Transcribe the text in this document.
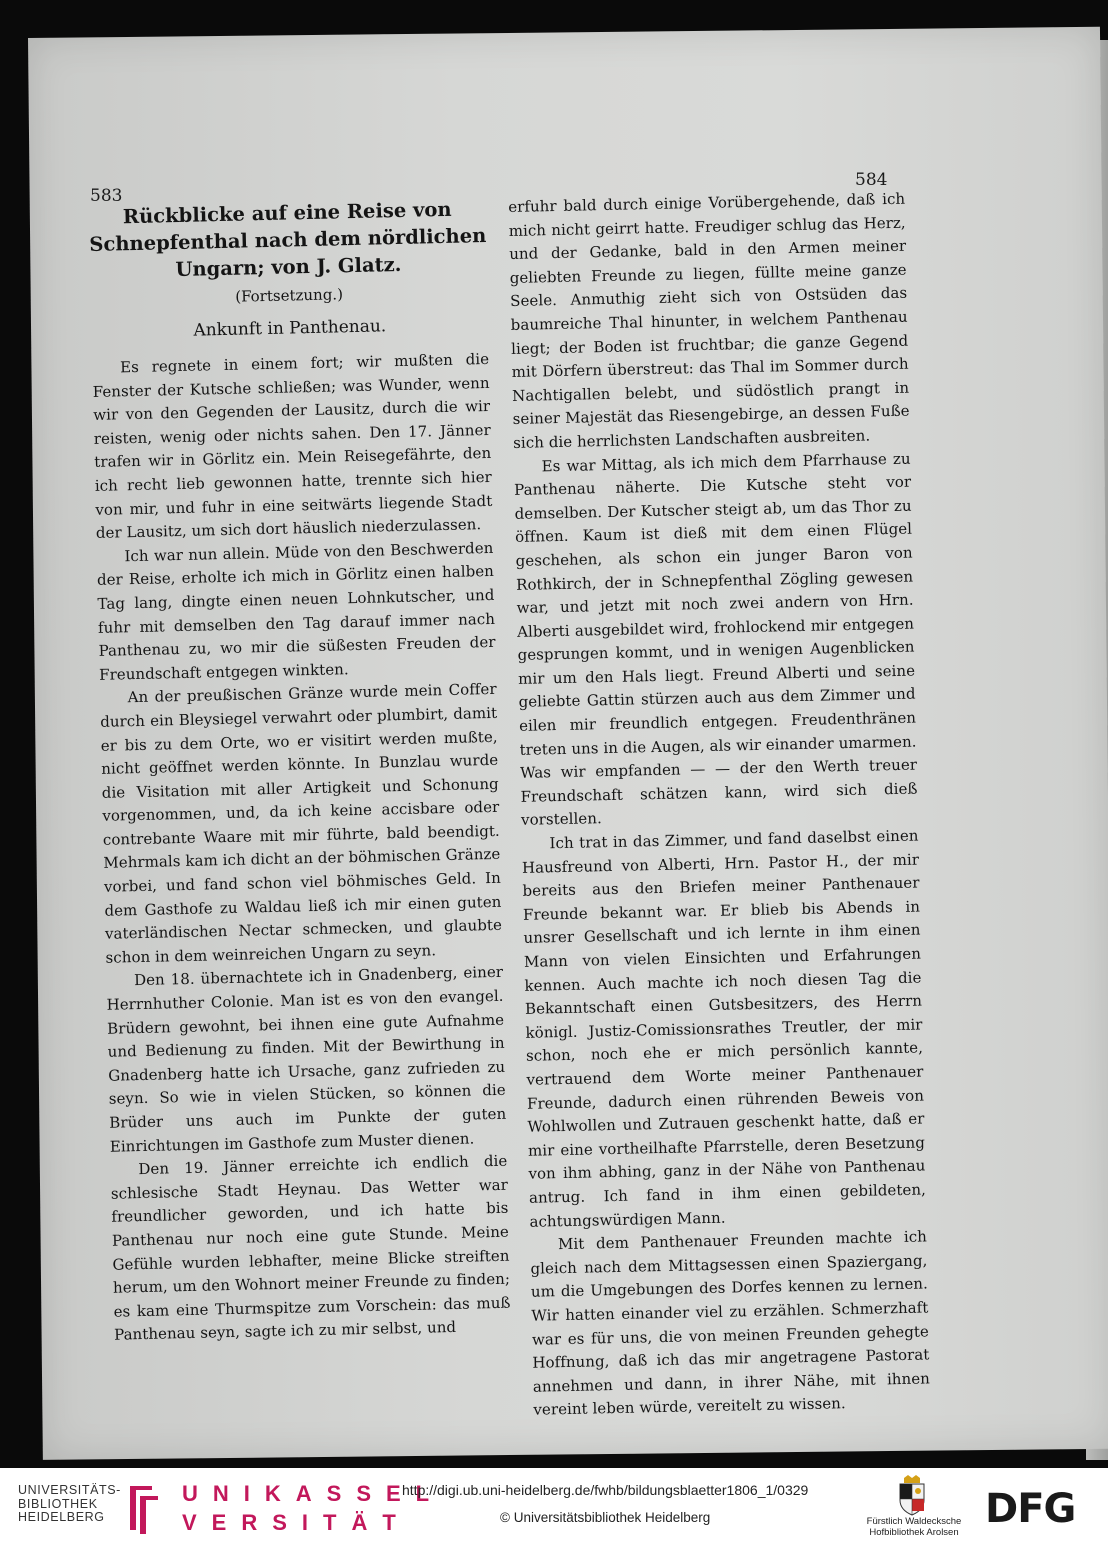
583
584
Rückblicke auf eine Reise von Schnepfenthal nach dem nördlichen Ungarn; von J. Glatz.
(Fortsetzung.)
Ankunft in Panthenau.

Es regnete in einem fort; wir mußten die Fenster der Kutsche schließen; was Wunder, wenn wir von den Gegenden der Lausitz, durch die wir reisten, wenig oder nichts sahen. Den 17. Jänner trafen wir in Görlitz ein. Mein Reisegefährte, den ich recht lieb gewonnen hatte, trennte sich hier von mir, und fuhr in eine seitwärts liegende Stadt der Lausitz, um sich dort häuslich niederzulassen.

Ich war nun allein. Müde von den Beschwerden der Reise, erholte ich mich in Görlitz einen halben Tag lang, dingte einen neuen Lohnkutscher, und fuhr mit demselben den Tag darauf immer nach Panthenau zu, wo mir die süßesten Freuden der Freundschaft entgegen winkten.

An der preußischen Gränze wurde mein Coffer durch ein Bleysiegel verwahrt oder plumbirt, damit er bis zu dem Orte, wo er visitirt werden mußte, nicht geöffnet werden könnte. In Bunzlau wurde die Visitation mit aller Artigkeit und Schonung vorgenommen, und, da ich keine accisbare oder contrebante Waare mit mir führte, bald beendigt. Mehrmals kam ich dicht an der böhmischen Gränze vorbei, und fand schon viel böhmisches Geld. In dem Gasthofe zu Waldau ließ ich mir einen guten vaterländischen Nectar schmecken, und glaubte schon in dem weinreichen Ungarn zu seyn.

Den 18. übernachtete ich in Gnadenberg, einer Herrnhuther Colonie. Man ist es von den evangel. Brüdern gewohnt, bei ihnen eine gute Aufnahme und Bedienung zu finden. Mit der Bewirthung in Gnadenberg hatte ich Ursache, ganz zufrieden zu seyn. So wie in vielen Stücken, so können die Brüder uns auch im Punkte der guten Einrichtungen im Gasthofe zum Muster dienen.

Den 19. Jänner erreichte ich endlich die schlesische Stadt Heynau. Das Wetter war freundlicher geworden, und ich hatte bis Panthenau nur noch eine gute Stunde. Meine Gefühle wurden lebhafter, meine Blicke streiften herum, um den Wohnort meiner Freunde zu finden; es kam eine Thurmspitze zum Vorschein: das muß Panthenau seyn, sagte ich zu mir selbst, und

erfuhr bald durch einige Vorübergehende, daß ich mich nicht geirrt hatte. Freudiger schlug das Herz, und der Gedanke, bald in den Armen meiner geliebten Freunde zu liegen, füllte meine ganze Seele. Anmuthig zieht sich von Ostsüden das baumreiche Thal hinunter, in welchem Panthenau liegt; der Boden ist fruchtbar; die ganze Gegend mit Dörfern überstreut: das Thal im Sommer durch Nachtigallen belebt, und südöstlich prangt in seiner Majestät das Riesengebirge, an dessen Fuße sich die herrlichsten Landschaften ausbreiten.

Es war Mittag, als ich mich dem Pfarrhause zu Panthenau näherte. Die Kutsche steht vor demselben. Der Kutscher steigt ab, um das Thor zu öffnen. Kaum ist dieß mit dem einen Flügel geschehen, als schon ein junger Baron von Rothkirch, der in Schnepfenthal Zögling gewesen war, und jetzt mit noch zwei andern von Hrn. Alberti ausgebildet wird, frohlockend mir entgegen gesprungen kommt, und in wenigen Augenblicken mir um den Hals liegt. Freund Alberti und seine geliebte Gattin stürzen auch aus dem Zimmer und eilen mir freundlich entgegen. Freudenthränen treten uns in die Augen, als wir einander umarmen. Was wir empfanden — — der den Werth treuer Freundschaft schätzen kann, wird sich dieß vorstellen.

Ich trat in das Zimmer, und fand daselbst einen Hausfreund von Alberti, Hrn. Pastor H., der mir bereits aus den Briefen meiner Panthenauer Freunde bekannt war. Er blieb bis Abends in unsrer Gesellschaft und ich lernte in ihm einen Mann von vielen Einsichten und Erfahrungen kennen. Auch machte ich noch diesen Tag die Bekanntschaft einen Gutsbesitzers, des Herrn königl. Justiz-Comissionsrathes Treutler, der mir schon, noch ehe er mich persönlich kannte, vertrauend dem Worte meiner Panthenauer Freunde, dadurch einen rührenden Beweis von Wohlwollen und Zutrauen geschenkt hatte, daß er mir eine vortheilhafte Pfarrstelle, deren Besetzung von ihm abhing, ganz in der Nähe von Panthenau antrug. Ich fand in ihm einen gebildeten, achtungswürdigen Mann.

Mit dem Panthenauer Freunden machte ich gleich nach dem Mittagsessen einen Spaziergang, um die Umgebungen des Dorfes kennen zu lernen. Wir hatten einander viel zu erzählen. Schmerzhaft war es für uns, die von meinen Freunden gehegte Hoffnung, daß ich das mir angetragene Pastorat annehmen und dann, in ihrer Nähe, mit ihnen vereint leben würde, vereitelt zu wissen.

UNIVERSITÄTS-
BIBLIOTHEK
HEIDELBERG
UNIKASSEL
VERSITÄT
http://digi.ub.uni-heidelberg.de/fwhb/bildungsblaetter1806_1/0329
© Universitätsbibliothek Heidelberg	Fürstlich Waldecksche
Hofbibliothek Arolsen
DFG
